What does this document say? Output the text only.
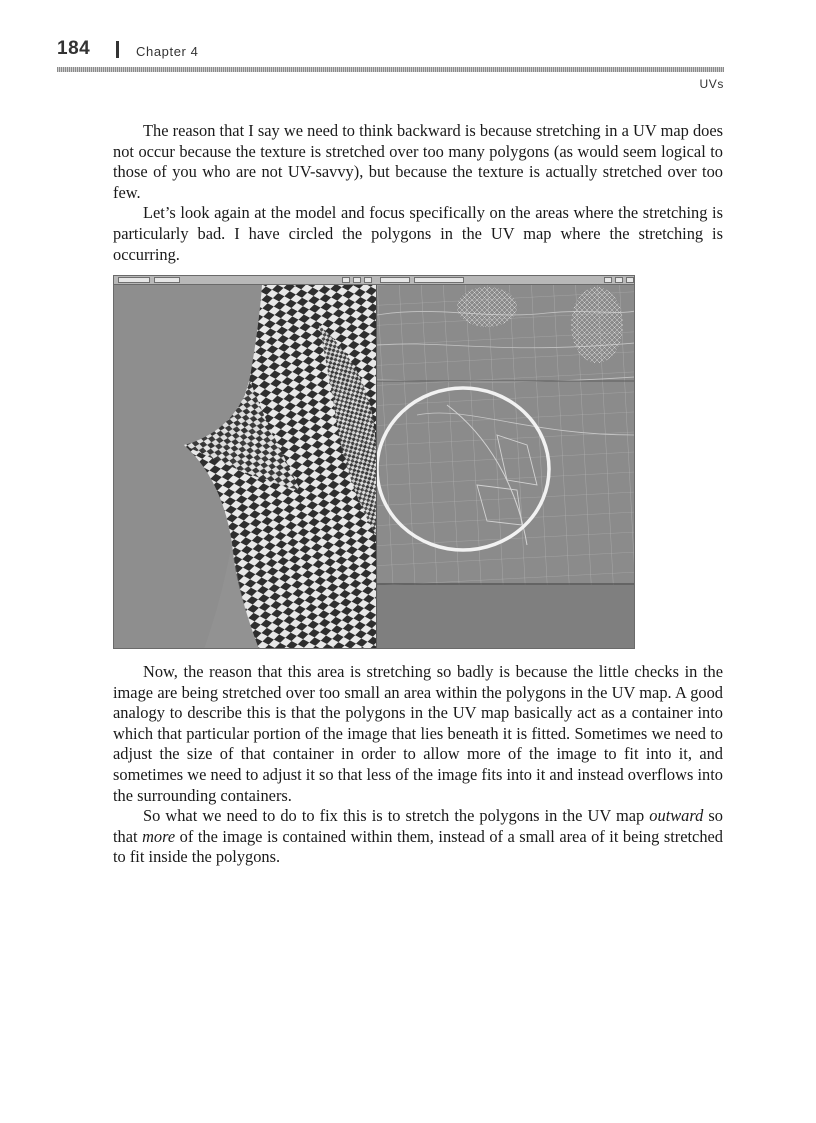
184	Chapter 4
UVs

The reason that I say we need to think backward is because stretching in a UV map does not occur because the texture is stretched over too many polygons (as would seem logical to those of you who are not UV-savvy), but because the texture is actually stretched over too few.

Let’s look again at the model and focus specifically on the areas where the stretching is particularly bad. I have circled the polygons in the UV map where the stretching is occurring.

Now, the reason that this area is stretching so badly is because the little checks in the image are being stretched over too small an area within the polygons in the UV map. A good analogy to describe this is that the polygons in the UV map basically act as a container into which that particular portion of the image that lies beneath it is fitted. Sometimes we need to adjust the size of that container in order to allow more of the image to fit into it, and sometimes we need to adjust it so that less of the image fits into it and instead overflows into the surrounding containers.

So what we need to do to fix this is to stretch the polygons in the UV map outward so that more of the image is contained within them, instead of a small area of it being stretched to fit inside the polygons.
